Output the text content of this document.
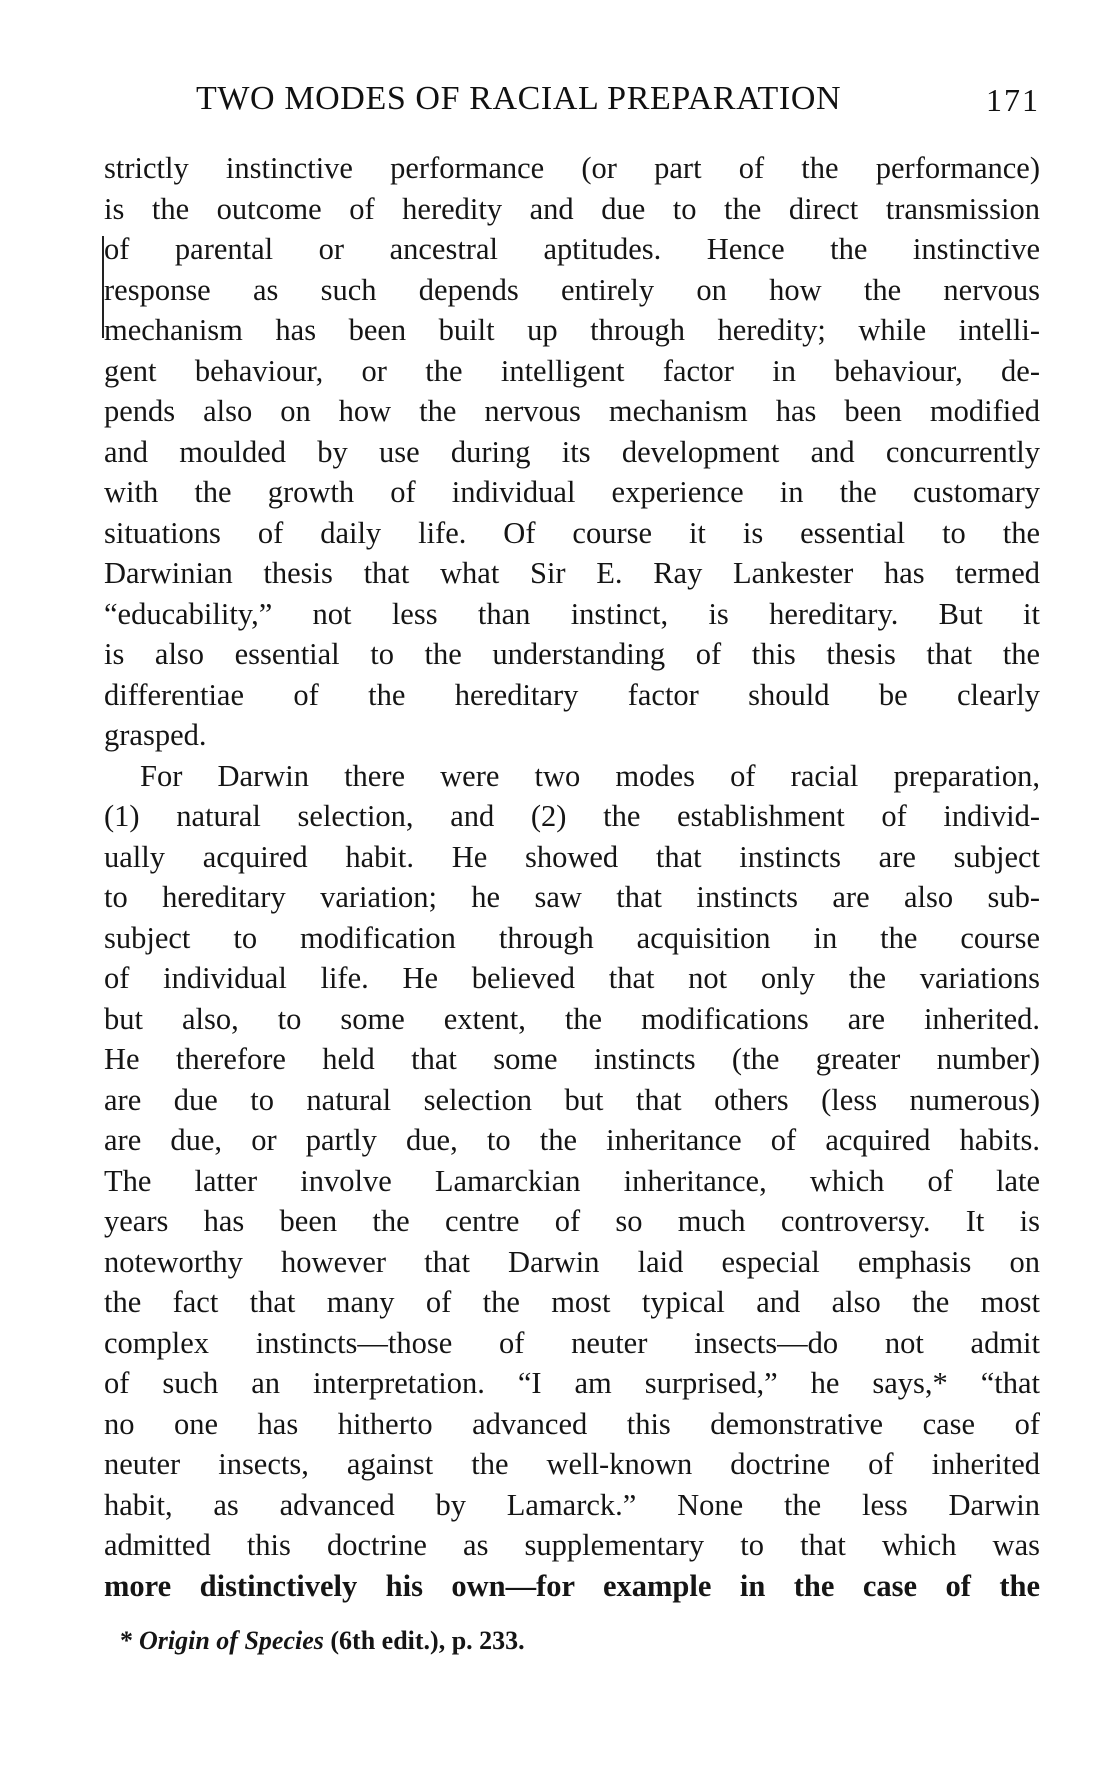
TWO MODES OF RACIAL PREPARATION	171
strictly instinctive performance (or part of the performance)
is the outcome of heredity and due to the direct transmission
of parental or ancestral aptitudes. Hence the instinctive
response as such depends entirely on how the nervous
mechanism has been built up through heredity; while intelli-
gent behaviour, or the intelligent factor in behaviour, de-
pends also on how the nervous mechanism has been modified
and moulded by use during its development and concurrently
with the growth of individual experience in the customary
situations of daily life. Of course it is essential to the
Darwinian thesis that what Sir E. Ray Lankester has termed
“educability,” not less than instinct, is hereditary. But it
is also essential to the understanding of this thesis that the
differentiae of the hereditary factor should be clearly
grasped.
For Darwin there were two modes of racial preparation,
(1) natural selection, and (2) the establishment of individ-
ually acquired habit. He showed that instincts are subject
to hereditary variation; he saw that instincts are also sub-
subject to modification through acquisition in the course
of individual life. He believed that not only the variations
but also, to some extent, the modifications are inherited.
He therefore held that some instincts (the greater number)
are due to natural selection but that others (less numerous)
are due, or partly due, to the inheritance of acquired habits.
The latter involve Lamarckian inheritance, which of late
years has been the centre of so much controversy. It is
noteworthy however that Darwin laid especial emphasis on
the fact that many of the most typical and also the most
complex instincts—those of neuter insects—do not admit
of such an interpretation. “I am surprised,” he says,* “that
no one has hitherto advanced this demonstrative case of
neuter insects, against the well-known doctrine of inherited
habit, as advanced by Lamarck.” None the less Darwin
admitted this doctrine as supplementary to that which was
more distinctively his own—for example in the case of the
* Origin of Species (6th edit.), p. 233.
